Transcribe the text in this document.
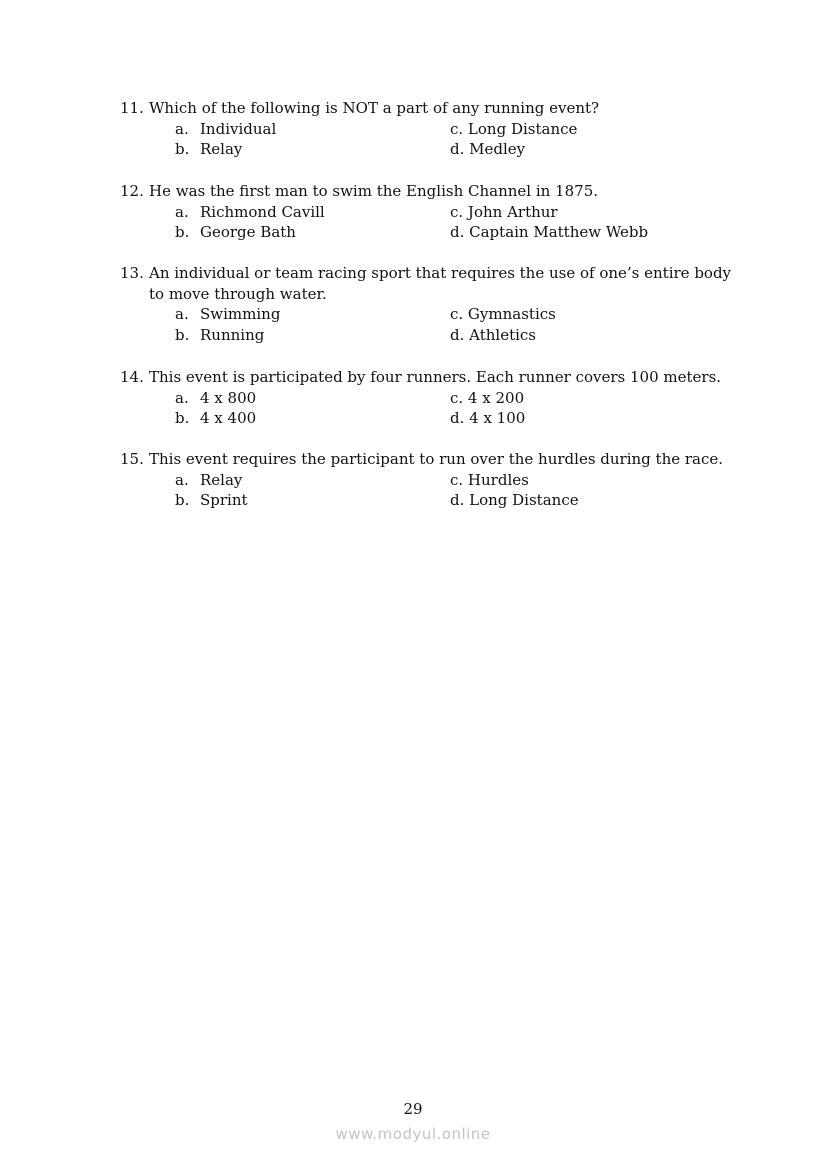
11. Which of the following is NOT a part of any running event?
a. Individual	c. Long Distance
b. Relay	d. Medley
12. He was the first man to swim the English Channel in 1875.
a. Richmond Cavill	c. John Arthur
b. George Bath	d. Captain Matthew Webb
13. An individual or team racing sport that requires the use of one’s entire body
to move through water.
a. Swimming	c. Gymnastics
b. Running	d. Athletics
14. This event is participated by four runners. Each runner covers 100 meters.
a. 4 x 800	c. 4 x 200
b. 4 x 400	d. 4 x 100
15. This event requires the participant to run over the hurdles during the race.
a. Relay	c. Hurdles
b. Sprint	d. Long Distance
29
www.modyul.online
